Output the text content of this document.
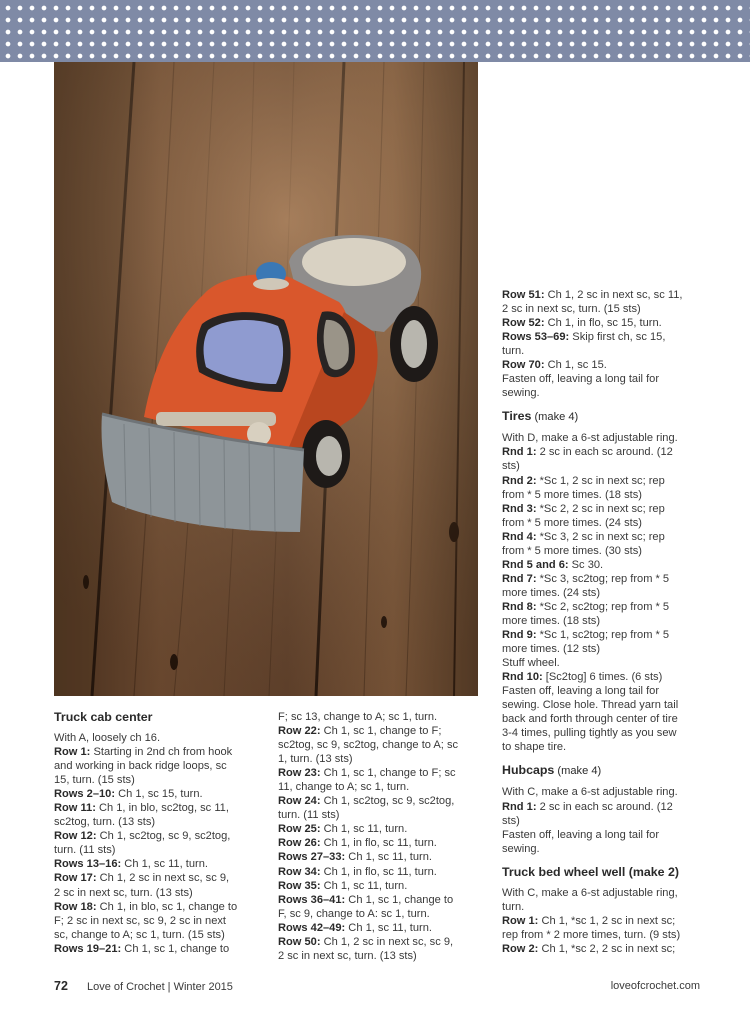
Truck cab center
With A, loosely ch 16.
Row 1: Starting in 2nd ch from hook
and working in back ridge loops, sc
15, turn. (15 sts)
Rows 2–10: Ch 1, sc 15, turn.
Row 11: Ch 1, in blo, sc2tog, sc 11,
sc2tog, turn. (13 sts)
Row 12: Ch 1, sc2tog, sc 9, sc2tog,
turn. (11 sts)
Rows 13–16: Ch 1, sc 11, turn.
Row 17: Ch 1, 2 sc in next sc, sc 9,
2 sc in next sc, turn. (13 sts)
Row 18: Ch 1, in blo, sc 1, change to
F; 2 sc in next sc, sc 9, 2 sc in next
sc, change to A; sc 1, turn. (15 sts)
Rows 19–21: Ch 1, sc 1, change to
F; sc 13, change to A; sc 1, turn.
Row 22: Ch 1, sc 1, change to F;
sc2tog, sc 9, sc2tog, change to A; sc
1, turn. (13 sts)
Row 23: Ch 1, sc 1, change to F; sc
11, change to A; sc 1, turn.
Row 24: Ch 1, sc2tog, sc 9, sc2tog,
turn. (11 sts)
Row 25: Ch 1, sc 11, turn.
Row 26: Ch 1, in flo, sc 11, turn.
Rows 27–33: Ch 1, sc 11, turn.
Row 34: Ch 1, in flo, sc 11, turn.
Row 35: Ch 1, sc 11, turn.
Rows 36–41: Ch 1, sc 1, change to
F, sc 9, change to A: sc 1, turn.
Rows 42–49: Ch 1, sc 11, turn.
Row 50: Ch 1, 2 sc in next sc, sc 9,
2 sc in next sc, turn. (13 sts)
Row 51: Ch 1, 2 sc in next sc, sc 11,
2 sc in next sc, turn. (15 sts)
Row 52: Ch 1, in flo, sc 15, turn.
Rows 53–69: Skip first ch, sc 15,
turn.
Row 70: Ch 1, sc 15.
Fasten off, leaving a long tail for
sewing.
Tires (make 4)
With D, make a 6-st adjustable ring.
Rnd 1: 2 sc in each sc around. (12
sts)
Rnd 2: *Sc 1, 2 sc in next sc; rep
from * 5 more times. (18 sts)
Rnd 3: *Sc 2, 2 sc in next sc; rep
from * 5 more times. (24 sts)
Rnd 4: *Sc 3, 2 sc in next sc; rep
from * 5 more times. (30 sts)
Rnd 5 and 6: Sc 30.
Rnd 7: *Sc 3, sc2tog; rep from * 5
more times. (24 sts)
Rnd 8: *Sc 2, sc2tog; rep from * 5
more times. (18 sts)
Rnd 9: *Sc 1, sc2tog; rep from * 5
more times. (12 sts)
Stuff wheel.
Rnd 10: [Sc2tog] 6 times. (6 sts)
Fasten off, leaving a long tail for
sewing. Close hole. Thread yarn tail
back and forth through center of tire
3-4 times, pulling tightly as you sew
to shape tire.
Hubcaps (make 4)
With C, make a 6-st adjustable ring.
Rnd 1: 2 sc in each sc around. (12
sts)
Fasten off, leaving a long tail for
sewing.
Truck bed wheel well (make 2)
With C, make a 6-st adjustable ring,
turn.
Row 1: Ch 1, *sc 1, 2 sc in next sc;
rep from * 2 more times, turn. (9 sts)
Row 2: Ch 1, *sc 2, 2 sc in next sc;
72 Love of Crochet | Winter 2015	loveofcrochet.com
